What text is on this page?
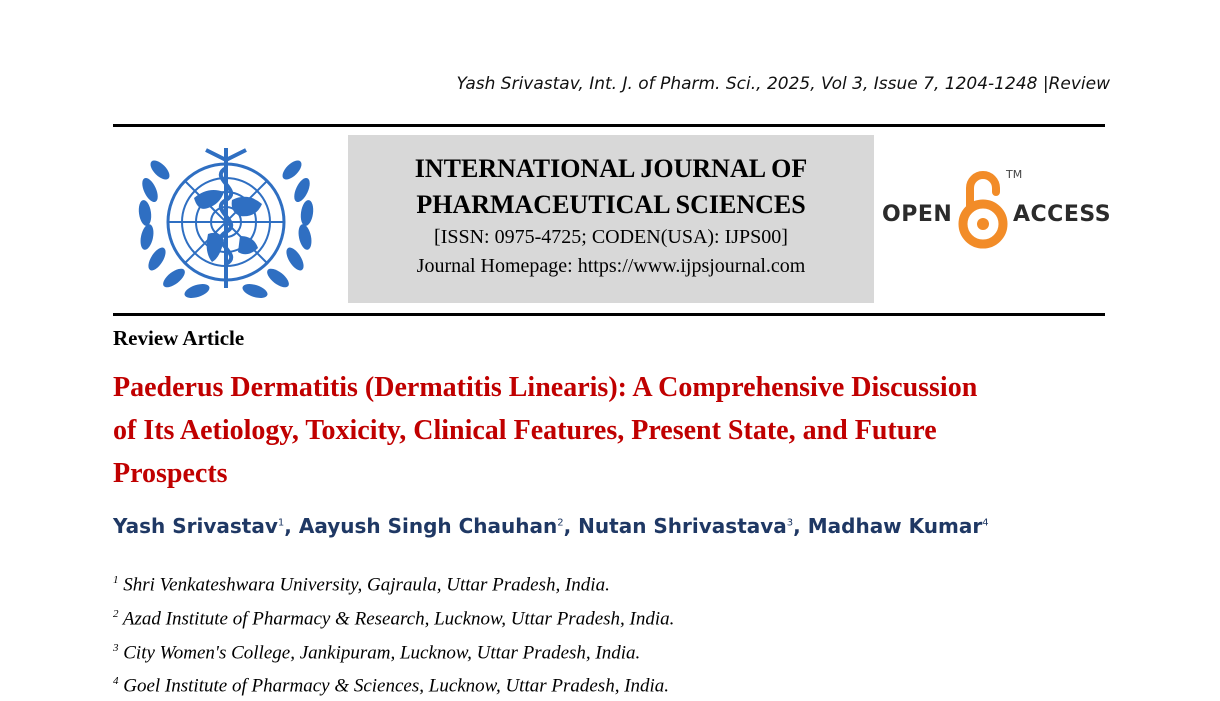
Yash Srivastav, Int. J. of Pharm. Sci., 2025, Vol 3, Issue 7, 1204-1248 |Review
INTERNATIONAL JOURNAL OF
PHARMACEUTICAL SCIENCES
[ISSN: 0975-4725; CODEN(USA): IJPS00]
Journal Homepage: https://www.ijpsjournal.com
OPEN
TM
ACCESS
Review Article
Paederus Dermatitis (Dermatitis Linearis): A Comprehensive Discussion
of Its Aetiology, Toxicity, Clinical Features, Present State, and Future
Prospects
Yash Srivastav$^1$, Aayush Singh Chauhan$^2$, Nutan Shrivastava$^3$, Madhaw Kumar$^4$
$^1$ Shri Venkateshwara University, Gajraula, Uttar Pradesh, India.
$^2$ Azad Institute of Pharmacy & Research, Lucknow, Uttar Pradesh, India.
$^3$ City Women's College, Jankipuram, Lucknow, Uttar Pradesh, India.
$^4$ Goel Institute of Pharmacy & Sciences, Lucknow, Uttar Pradesh, India.
